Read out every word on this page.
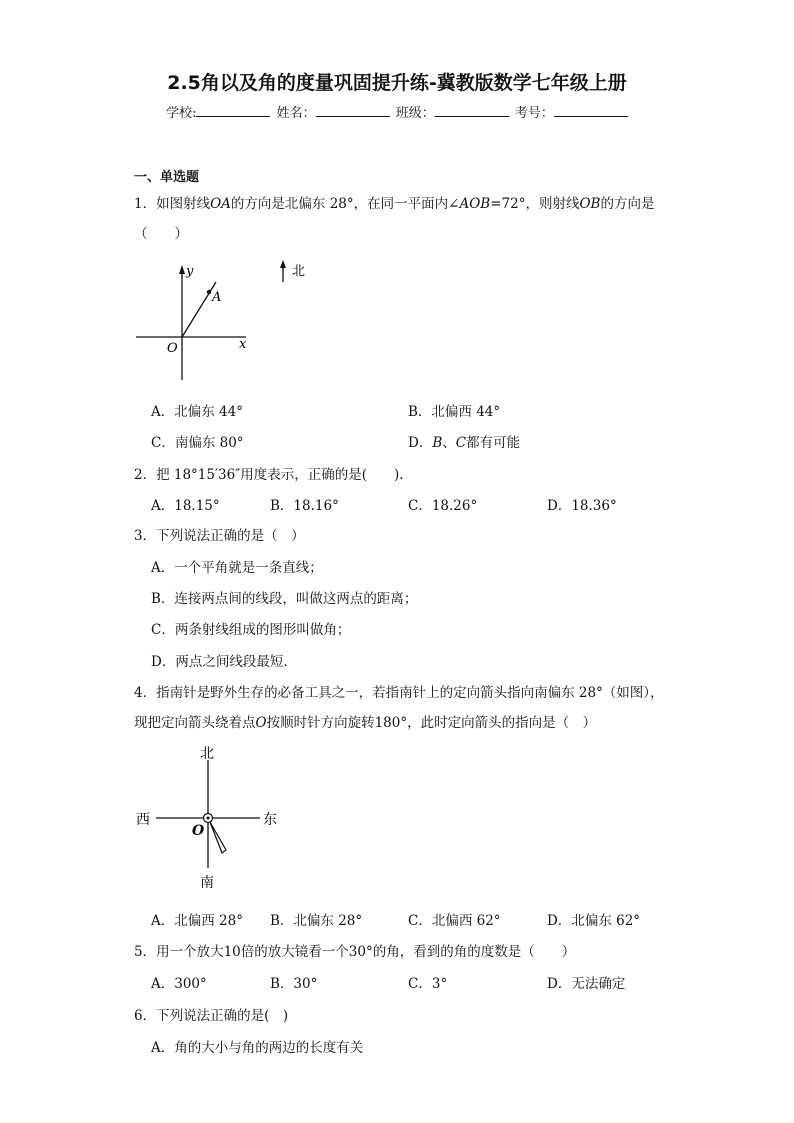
2.5角以及角的度量巩固提升练-冀教版数学七年级上册
学校:	姓名：	班级：	考号：
一、单选题
1．如图射线OA的方向是北偏东 28°，在同一平面内∠AOB=72°，则射线OB的方向是
（　　）
y
x
O
A
北
A．北偏东 44°	B．北偏西 44°
C．南偏东 80°	D．B、C都有可能
2．把 18°15′36″用度表示，正确的是(　　).
A．18.15°	B．18.16°	C．18.26°	D．18.36°
3．下列说法正确的是（　）
A．一个平角就是一条直线；
B．连接两点间的线段，叫做这两点的距离；
C．两条射线组成的图形叫做角；
D．两点之间线段最短．
4．指南针是野外生存的必备工具之一，若指南针上的定向箭头指向南偏东 28°（如图），
现把定向箭头绕着点O按顺时针方向旋转180°，此时定向箭头的指向是（　）
北
南
西	东
O
A．北偏西 28° B．北偏东 28°	C．北偏西 62°	D．北偏东 62°
5．用一个放大10倍的放大镜看一个30°的角，看到的角的度数是（　　）
A．300°	B．30°	C．3°	D．无法确定
6．下列说法正确的是(　)
A．角的大小与角的两边的长度有关
